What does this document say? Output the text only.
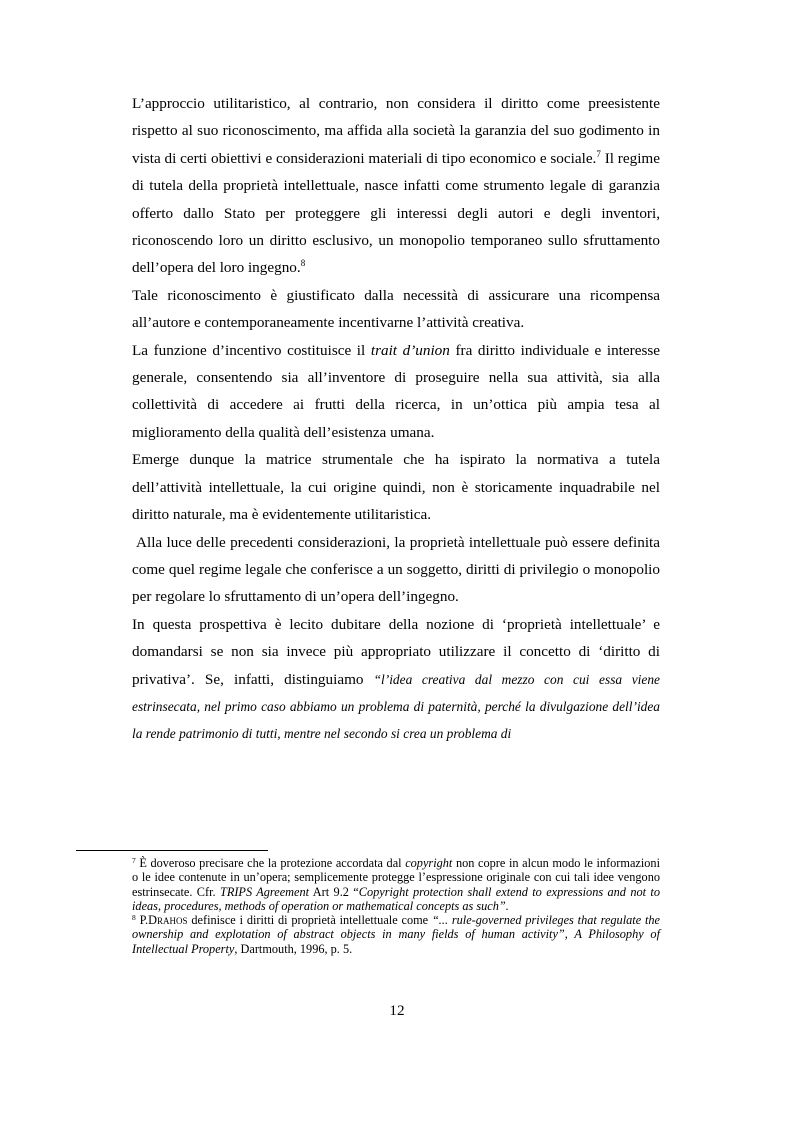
L’approccio utilitaristico, al contrario, non considera il diritto come preesistente rispetto al suo riconoscimento, ma affida alla società la garanzia del suo godimento in vista di certi obiettivi e considerazioni materiali di tipo economico e sociale.$^7$ Il regime di tutela della proprietà intellettuale, nasce infatti come strumento legale di garanzia offerto dallo Stato per proteggere gli interessi degli autori e degli inventori, riconoscendo loro un diritto esclusivo, un monopolio temporaneo sullo sfruttamento dell’opera del loro ingegno.$^8$

Tale riconoscimento è giustificato dalla necessità di assicurare una ricompensa all’autore e contemporaneamente incentivarne l’attività creativa.

La funzione d’incentivo costituisce il trait d’union fra diritto individuale e interesse generale, consentendo sia all’inventore di proseguire nella sua attività, sia alla collettività di accedere ai frutti della ricerca, in un’ottica più ampia tesa al miglioramento della qualità dell’esistenza umana.

Emerge dunque la matrice strumentale che ha ispirato la normativa a tutela dell’attività intellettuale, la cui origine quindi, non è storicamente inquadrabile nel diritto naturale, ma è evidentemente utilitaristica.

Alla luce delle precedenti considerazioni, la proprietà intellettuale può essere definita come quel regime legale che conferisce a un soggetto, diritti di privilegio o monopolio per regolare lo sfruttamento di un’opera dell’ingegno.

In questa prospettiva è lecito dubitare della nozione di ‘proprietà intellettuale’ e domandarsi se non sia invece più appropriato utilizzare il concetto di ‘diritto di privativa’. Se, infatti, distinguiamo “l’idea creativa dal mezzo con cui essa viene estrinsecata, nel primo caso abbiamo un problema di paternità, perché la divulgazione dell’idea la rende patrimonio di tutti, mentre nel secondo si crea un problema di

$^7$ È doveroso precisare che la protezione accordata dal copyright non copre in alcun modo le informazioni o le idee contenute in un’opera; semplicemente protegge l’espressione originale con cui tali idee vengono estrinsecate. Cfr. TRIPS Agreement Art 9.2 “Copyright protection shall extend to expressions and not to ideas, procedures, methods of operation or mathematical concepts as such”.

$^8$ P.Drahos definisce i diritti di proprietà intellettuale come “... rule-governed privileges that regulate the ownership and explotation of abstract objects in many fields of human activity”, A Philosophy of Intellectual Property, Dartmouth, 1996, p. 5.

12
